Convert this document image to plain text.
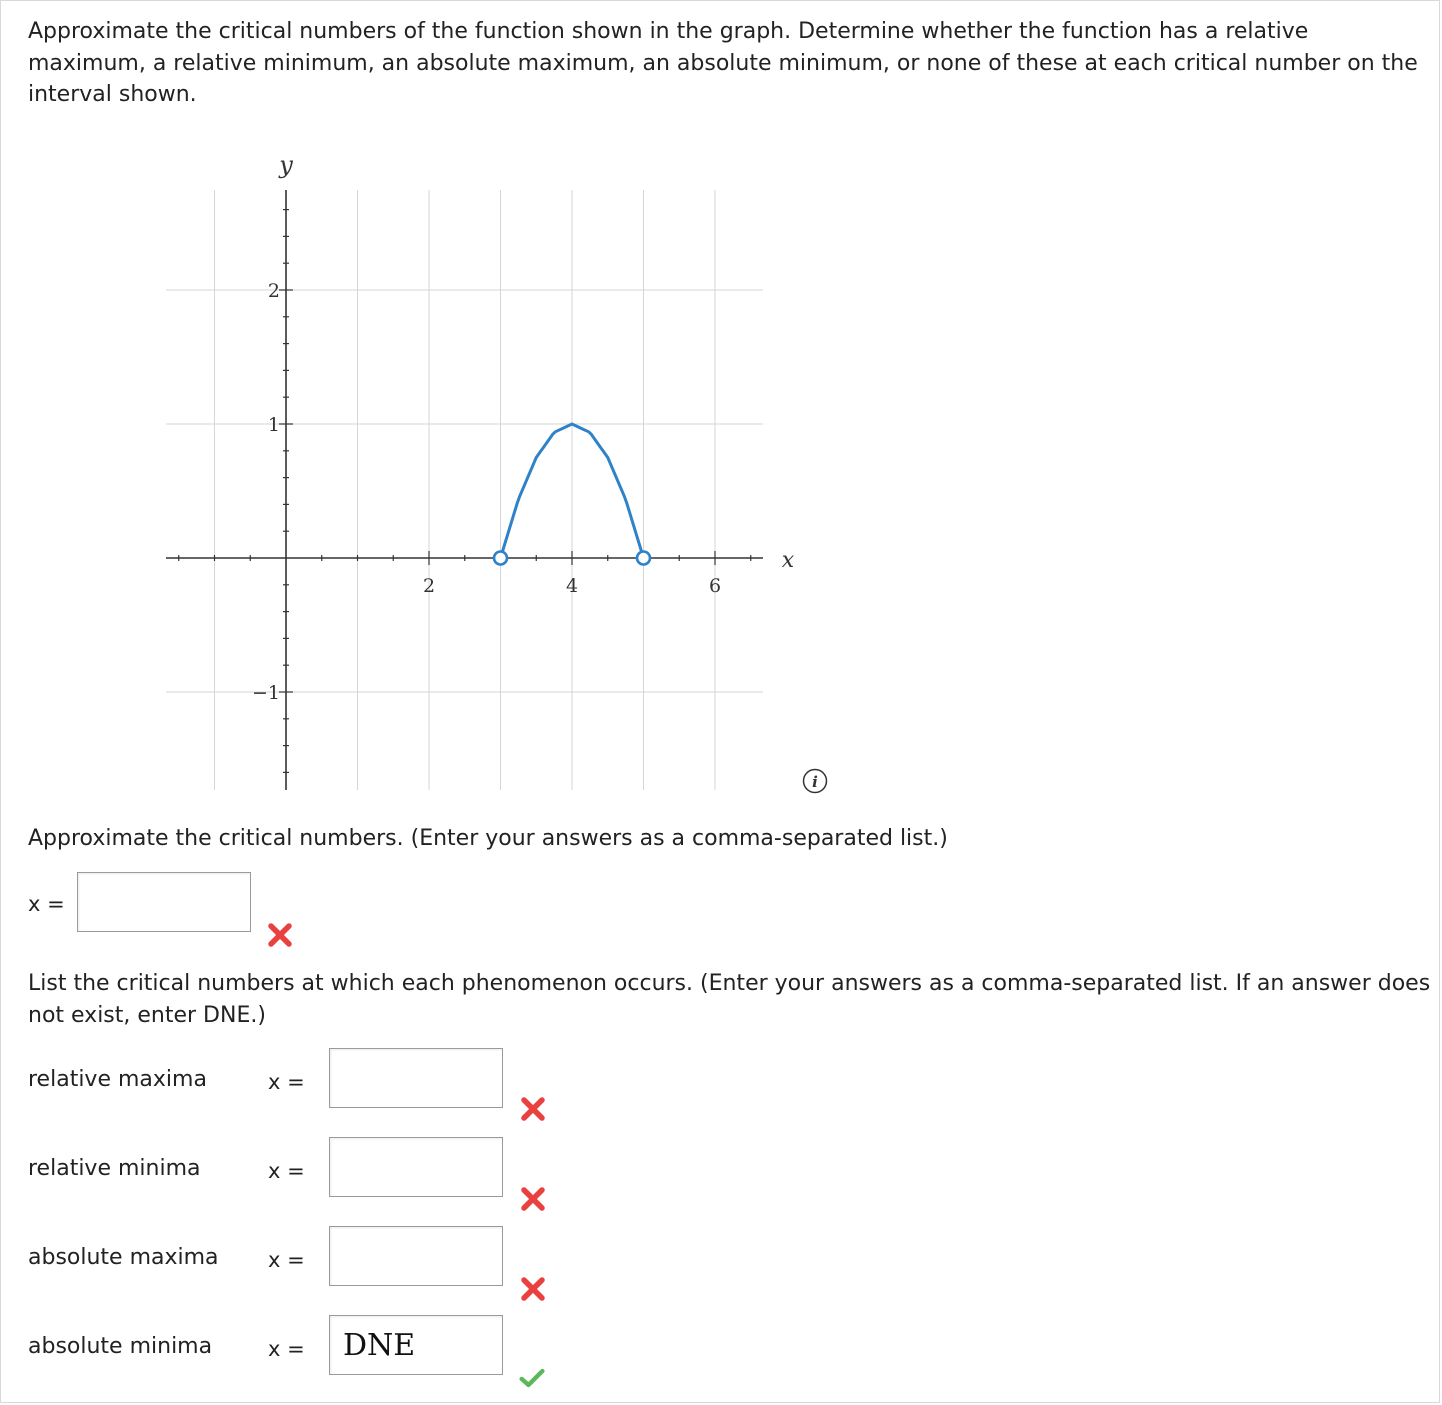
Approximate the critical numbers of the function shown in the graph. Determine whether the function has a relative maximum, a relative minimum, an absolute maximum, an absolute minimum, or none of these at each critical number on the interval shown.

2	4	6
2
1
−1
x
y
i

Approximate the critical numbers. (Enter your answers as a comma-separated list.)

x =

List the critical numbers at which each phenomenon occurs. (Enter your answers as a comma-separated list. If an answer does not exist, enter DNE.)

relative maxima	x =
relative minima	x =
absolute maxima x =
absolute minima	x =
DNE
